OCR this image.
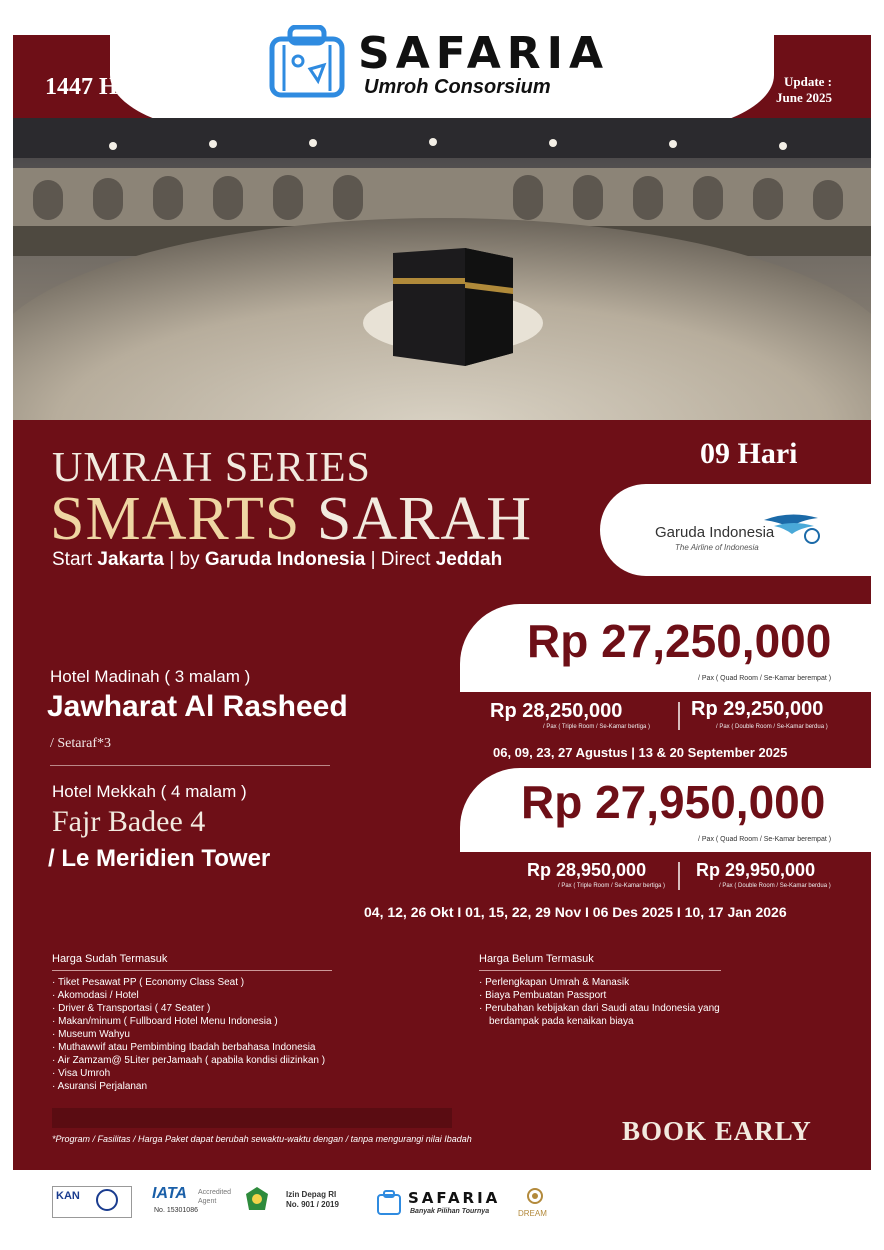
1447 H	Update :
June 2025
SAFARIA
Umroh Consorsium
UMRAH SERIES
SMARTS SARAH
Start Jakarta | by Garuda Indonesia | Direct Jeddah
09 Hari
Garuda Indonesia
The Airline of Indonesia
Hotel Madinah ( 3 malam )
Jawharat Al Rasheed
/ Setaraf*3
Hotel Mekkah ( 4 malam )
Fajr Badee 4
/ Le Meridien Tower
Rp 27,250,000
/ Pax ( Quad Room / Se-Kamar berempat )
Rp 28,250,000
/ Pax ( Triple Room / Se-Kamar bertiga )
Rp 29,250,000
/ Pax ( Double Room / Se-Kamar berdua )
06, 09, 23, 27 Agustus | 13 & 20 September 2025
Rp 27,950,000
/ Pax ( Quad Room / Se-Kamar berempat )
Rp 28,950,000
/ Pax ( Triple Room / Se-Kamar bertiga )
Rp 29,950,000
/ Pax ( Double Room / Se-Kamar berdua )
04, 12, 26 Okt I 01, 15, 22, 29 Nov I 06 Des 2025 I 10, 17 Jan 2026
Harga Sudah Termasuk
· Tiket Pesawat PP ( Economy Class Seat )
· Akomodasi / Hotel
· Driver & Transportasi ( 47 Seater )
· Makan/minum ( Fullboard Hotel Menu Indonesia )
· Museum Wahyu
· Muthawwif atau Pembimbing Ibadah berbahasa Indonesia
· Air Zamzam@ 5Liter perJamaah ( apabila kondisi diizinkan )
· Visa Umroh
· Asuransi Perjalanan
Harga Belum Termasuk
· Perlengkapan Umrah & Manasik
· Biaya Pembuatan Passport
· Perubahan kebijakan dari Saudi atau Indonesia yang berdampak pada kenaikan biaya
*Program / Fasilitas / Harga Paket dapat berubah sewaktu-waktu dengan / tanpa mengurangi nilai Ibadah	BOOK EARLY
KAN	IATA Accredited
Agent
No. 15301086
Izin Depag RI
No. 901 / 2019	SAFARIA
Banyak Pilihan Tournya	DREAM
